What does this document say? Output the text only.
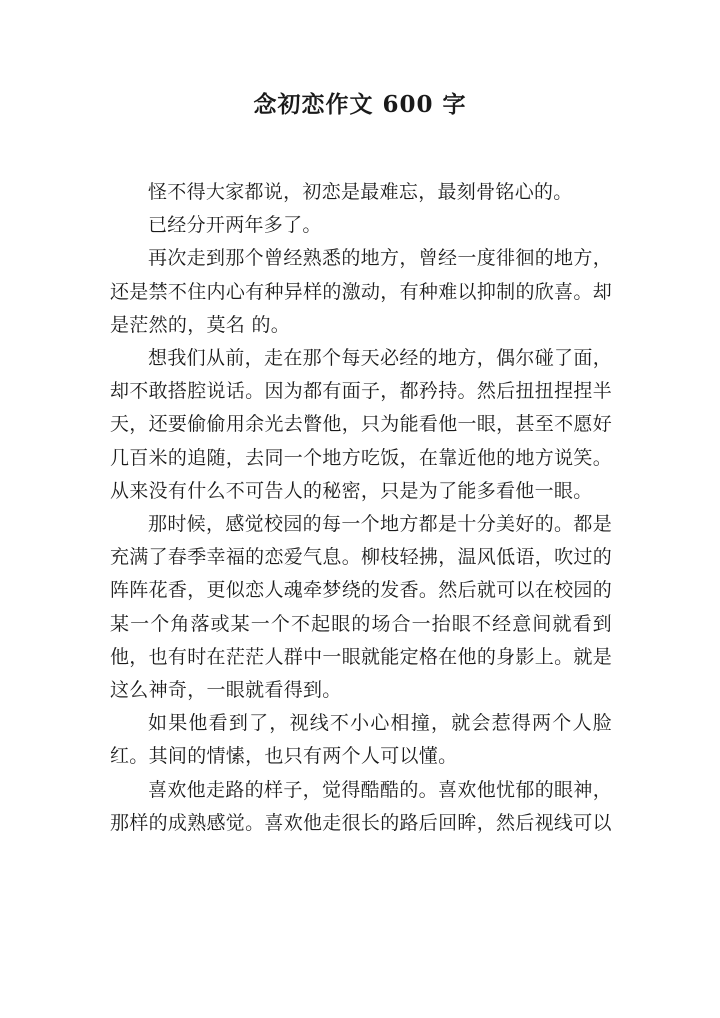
念初恋作文 600 字

怪不得大家都说，初恋是最难忘，最刻骨铭心的。

已经分开两年多了。

再次走到那个曾经熟悉的地方，曾经一度徘徊的地方，还是禁不住内心有种异样的激动，有种难以抑制的欣喜。却是茫然的，莫名 的。

想我们从前，走在那个每天必经的地方，偶尔碰了面，却不敢搭腔说话。因为都有面子，都矜持。然后扭扭捏捏半天，还要偷偷用余光去瞥他，只为能看他一眼，甚至不愿好几百米的追随，去同一个地方吃饭，在靠近他的地方说笑。从来没有什么不可告人的秘密，只是为了能多看他一眼。

那时候，感觉校园的每一个地方都是十分美好的。都是充满了春季幸福的恋爱气息。柳枝轻拂，温风低语，吹过的阵阵花香，更似恋人魂牵梦绕的发香。然后就可以在校园的某一个角落或某一个不起眼的场合一抬眼不经意间就看到他，也有时在茫茫人群中一眼就能定格在他的身影上。就是这么神奇，一眼就看得到。

如果他看到了，视线不小心相撞，就会惹得两个人脸红。其间的情愫，也只有两个人可以懂。

喜欢他走路的样子，觉得酷酷的。喜欢他忧郁的眼神，那样的成熟感觉。喜欢他走很长的路后回眸，然后视线可以
